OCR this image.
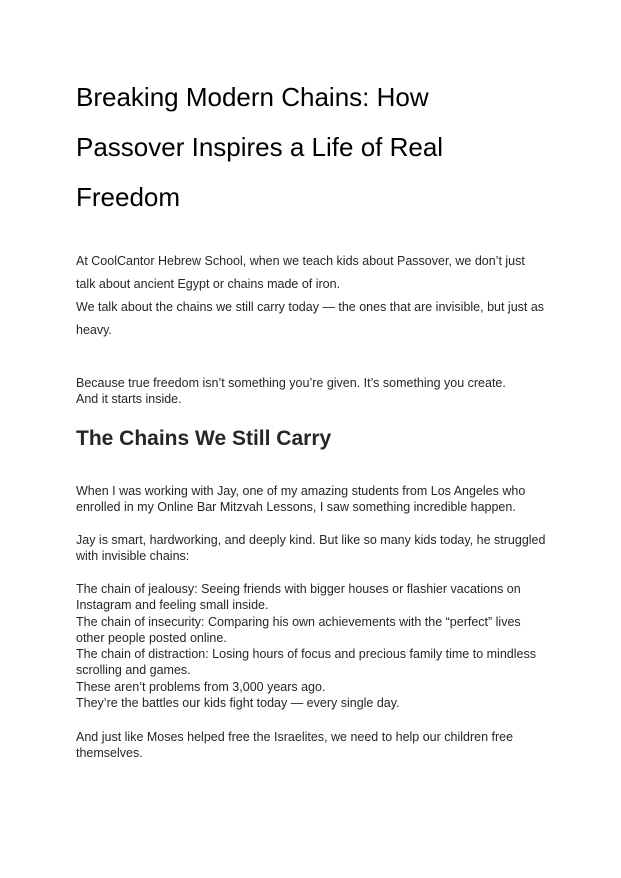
Breaking Modern Chains: How
Passover Inspires a Life of Real
Freedom

At CoolCantor Hebrew School, when we teach kids about Passover, we don’t just
talk about ancient Egypt or chains made of iron.
We talk about the chains we still carry today — the ones that are invisible, but just as
heavy.

Because true freedom isn’t something you’re given. It’s something you create.
And it starts inside.

The Chains We Still Carry

When I was working with Jay, one of my amazing students from Los Angeles who
enrolled in my Online Bar Mitzvah Lessons, I saw something incredible happen.

Jay is smart, hardworking, and deeply kind. But like so many kids today, he struggled
with invisible chains:

The chain of jealousy: Seeing friends with bigger houses or flashier vacations on
Instagram and feeling small inside.
The chain of insecurity: Comparing his own achievements with the “perfect” lives
other people posted online.
The chain of distraction: Losing hours of focus and precious family time to mindless
scrolling and games.
These aren’t problems from 3,000 years ago.
They’re the battles our kids fight today — every single day.

And just like Moses helped free the Israelites, we need to help our children free
themselves.
